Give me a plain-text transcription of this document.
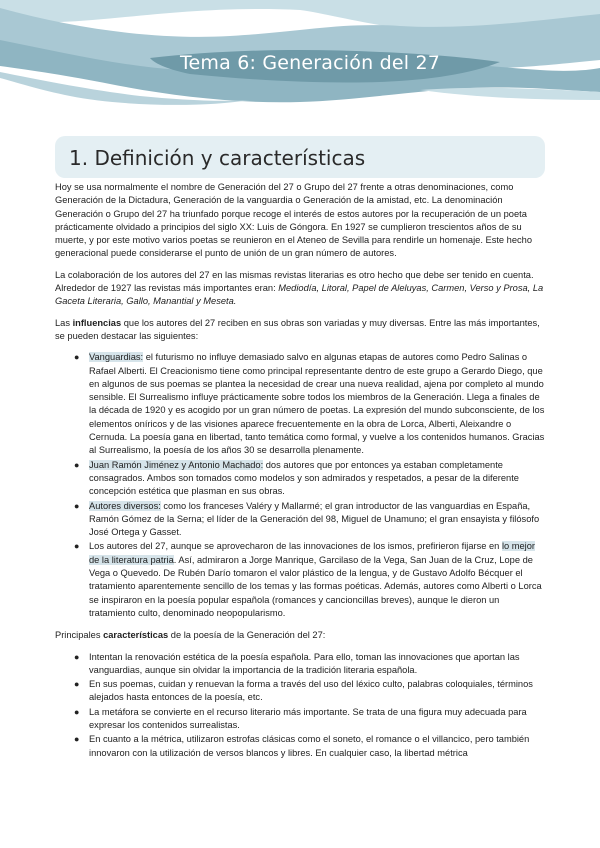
Tema 6: Generación del 27
1. Definición y características

Hoy se usa normalmente el nombre de Generación del 27 o Grupo del 27 frente a otras denominaciones, como Generación de la Dictadura, Generación de la vanguardia o Generación de la amistad, etc. La denominación Generación o Grupo del 27 ha triunfado porque recoge el interés de estos autores por la recuperación de un poeta prácticamente olvidado a principios del siglo XX: Luis de Góngora. En 1927 se cumplieron trescientos años de su muerte, y por este motivo varios poetas se reunieron en el Ateneo de Sevilla para rendirle un homenaje. Este hecho generacional puede considerarse el punto de unión de un gran número de autores.

La colaboración de los autores del 27 en las mismas revistas literarias es otro hecho que debe ser tenido en cuenta. Alrededor de 1927 las revistas más importantes eran: Mediodía, Litoral, Papel de Aleluyas, Carmen, Verso y Prosa, La Gaceta Literaria, Gallo, Manantial y Meseta.

Las influencias que los autores del 27 reciben en sus obras son variadas y muy diversas. Entre las más importantes, se pueden destacar las siguientes:

● Vanguardias: el futurismo no influye demasiado salvo en algunas etapas de autores como Pedro Salinas o Rafael Alberti. El Creacionismo tiene como principal representante dentro de este grupo a Gerardo Diego, que en algunos de sus poemas se plantea la necesidad de crear una nueva realidad, ajena por completo al mundo sensible. El Surrealismo influye prácticamente sobre todos los miembros de la Generación. Llega a finales de la década de 1920 y es acogido por un gran número de poetas. La expresión del mundo subconsciente, de los elementos oníricos y de las visiones aparece frecuentemente en la obra de Lorca, Alberti, Aleixandre o Cernuda. La poesía gana en libertad, tanto temática como formal, y vuelve a los contenidos humanos. Gracias al Surrealismo, la poesía de los años 30 se desarrolla plenamente.
● Juan Ramón Jiménez y Antonio Machado: dos autores que por entonces ya estaban completamente consagrados. Ambos son tomados como modelos y son admirados y respetados, a pesar de la diferente concepción estética que plasman en sus obras.
● Autores diversos: como los franceses Valéry y Mallarmé; el gran introductor de las vanguardias en España, Ramón Gómez de la Serna; el líder de la Generación del 98, Miguel de Unamuno; el gran ensayista y filósofo José Ortega y Gasset.
● Los autores del 27, aunque se aprovecharon de las innovaciones de los ismos, prefirieron fijarse en lo mejor de la literatura patria. Así, admiraron a Jorge Manrique, Garcilaso de la Vega, San Juan de la Cruz, Lope de Vega o Quevedo. De Rubén Darío tomaron el valor plástico de la lengua, y de Gustavo Adolfo Bécquer el tratamiento aparentemente sencillo de los temas y las formas poéticas. Además, autores como Alberti o Lorca se inspiraron en la poesía popular española (romances y cancioncillas breves), aunque le dieron un tratamiento culto, denominado neopopularismo.

Principales características de la poesía de la Generación del 27:

● Intentan la renovación estética de la poesía española. Para ello, toman las innovaciones que aportan las vanguardias, aunque sin olvidar la importancia de la tradición literaria española.
● En sus poemas, cuidan y renuevan la forma a través del uso del léxico culto, palabras coloquiales, términos alejados hasta entonces de la poesía, etc.
● La metáfora se convierte en el recurso literario más importante. Se trata de una figura muy adecuada para expresar los contenidos surrealistas.
● En cuanto a la métrica, utilizaron estrofas clásicas como el soneto, el romance o el villancico, pero también innovaron con la utilización de versos blancos y libres. En cualquier caso, la libertad métrica
